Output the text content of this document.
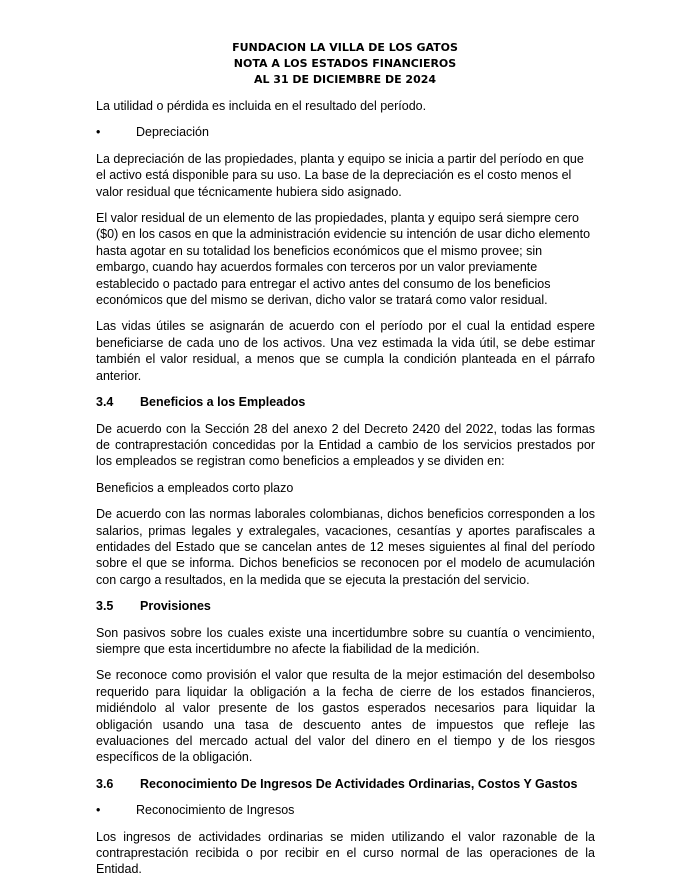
FUNDACION LA VILLA DE LOS GATOS
NOTA A LOS ESTADOS FINANCIEROS
AL 31 DE DICIEMBRE DE 2024

La utilidad o pérdida es incluida en el resultado del período.

•	Depreciación

La depreciación de las propiedades, planta y equipo se inicia a partir del período en que el activo está disponible para su uso. La base de la depreciación es el costo menos el valor residual que técnicamente hubiera sido asignado.

El valor residual de un elemento de las propiedades, planta y equipo será siempre cero ($0) en los casos en que la administración evidencie su intención de usar dicho elemento hasta agotar en su totalidad los beneficios económicos que el mismo provee; sin embargo, cuando hay acuerdos formales con terceros por un valor previamente establecido o pactado para entregar el activo antes del consumo de los beneficios económicos que del mismo se derivan, dicho valor se tratará como valor residual.

Las vidas útiles se asignarán de acuerdo con el período por el cual la entidad espere beneficiarse de cada uno de los activos. Una vez estimada la vida útil, se debe estimar también el valor residual, a menos que se cumpla la condición planteada en el párrafo anterior.

3.4	Beneficios a los Empleados

De acuerdo con la Sección 28 del anexo 2 del Decreto 2420 del 2022, todas las formas de contraprestación concedidas por la Entidad a cambio de los servicios prestados por los empleados se registran como beneficios a empleados y se dividen en:

Beneficios a empleados corto plazo

De acuerdo con las normas laborales colombianas, dichos beneficios corresponden a los salarios, primas legales y extralegales, vacaciones, cesantías y aportes parafiscales a entidades del Estado que se cancelan antes de 12 meses siguientes al final del período sobre el que se informa. Dichos beneficios se reconocen por el modelo de acumulación con cargo a resultados, en la medida que se ejecuta la prestación del servicio.

3.5	Provisiones

Son pasivos sobre los cuales existe una incertidumbre sobre su cuantía o vencimiento, siempre que esta incertidumbre no afecte la fiabilidad de la medición.

Se reconoce como provisión el valor que resulta de la mejor estimación del desembolso requerido para liquidar la obligación a la fecha de cierre de los estados financieros, midiéndolo al valor presente de los gastos esperados necesarios para liquidar la obligación usando una tasa de descuento antes de impuestos que refleje las evaluaciones del mercado actual del valor del dinero en el tiempo y de los riesgos específicos de la obligación.

3.6	Reconocimiento De Ingresos De Actividades Ordinarias, Costos Y Gastos
•	Reconocimiento de Ingresos

Los ingresos de actividades ordinarias se miden utilizando el valor razonable de la contraprestación recibida o por recibir en el curso normal de las operaciones de la Entidad.
